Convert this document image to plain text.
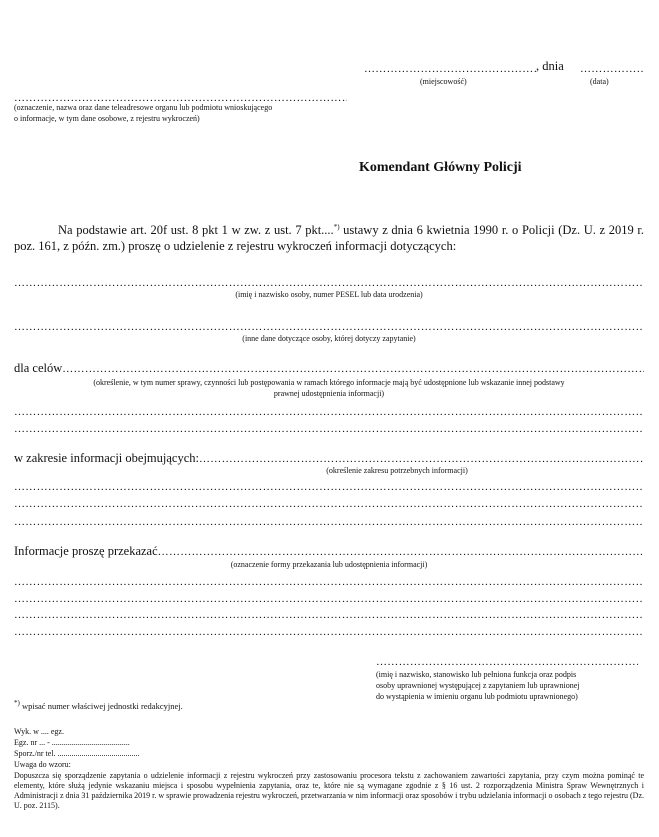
……………………………………………………………………………………………………………………………………………………………………………………………………………………………………………………………………………………………………………………………………………………………………
, dnia
……………………………………………………………………………………………………………………………………………………………………………………………………………………………………………………………………………………………………………………………………………………………………
(miejscowość)	(data)
……………………………………………………………………………………………………………………………………………………………………………………………………………………………………………………………………………………………………………………………………………………………………
(oznaczenie, nazwa oraz dane teleadresowe organu lub podmiotu wnioskującego
o informacje, w tym dane osobowe, z rejestru wykroczeń)
Komendant Główny Policji
Na podstawie art. 20f ust. 8 pkt 1 w zw. z ust. 7 pkt....*) ustawy z dnia 6 kwietnia 1990 r. o Policji (Dz. U. z 2019 r. poz. 161, z późn. zm.) proszę o udzielenie z rejestru wykroczeń informacji dotyczących:
……………………………………………………………………………………………………………………………………………………………………………………………………………………………………………………………………………………………………………………………………………………………………
(imię i nazwisko osoby, numer PESEL lub data urodzenia)
……………………………………………………………………………………………………………………………………………………………………………………………………………………………………………………………………………………………………………………………………………………………………
(inne dane dotyczące osoby, której dotyczy zapytanie)
dla celów
……………………………………………………………………………………………………………………………………………………………………………………………………………………………………………………………………………………………………………………………………………………………………
(określenie, w tym numer sprawy, czynności lub postępowania w ramach którego informacje mają być udostępnione lub wskazanie innej podstawy
prawnej udostępnienia informacji)
……………………………………………………………………………………………………………………………………………………………………………………………………………………………………………………………………………………………………………………………………………………………………
……………………………………………………………………………………………………………………………………………………………………………………………………………………………………………………………………………………………………………………………………………………………………
w zakresie informacji obejmujących:
……………………………………………………………………………………………………………………………………………………………………………………………………………………………………………………………………………………………………………………………………………………………………
(określenie zakresu potrzebnych informacji)
……………………………………………………………………………………………………………………………………………………………………………………………………………………………………………………………………………………………………………………………………………………………………
……………………………………………………………………………………………………………………………………………………………………………………………………………………………………………………………………………………………………………………………………………………………………
……………………………………………………………………………………………………………………………………………………………………………………………………………………………………………………………………………………………………………………………………………………………………
Informacje proszę przekazać
……………………………………………………………………………………………………………………………………………………………………………………………………………………………………………………………………………………………………………………………………………………………………
(oznaczenie formy przekazania lub udostępnienia informacji)
……………………………………………………………………………………………………………………………………………………………………………………………………………………………………………………………………………………………………………………………………………………………………
……………………………………………………………………………………………………………………………………………………………………………………………………………………………………………………………………………………………………………………………………………………………………
……………………………………………………………………………………………………………………………………………………………………………………………………………………………………………………………………………………………………………………………………………………………………
……………………………………………………………………………………………………………………………………………………………………………………………………………………………………………………………………………………………………………………………………………………………………
……………………………………………………………………………………………………………………………………………………………………………………………………………………………………………………………………………………………………………………………………………………………………
(imię i nazwisko, stanowisko lub pełniona funkcja oraz podpis
osoby uprawnionej występującej z zapytaniem lub uprawnionej
do wystąpienia w imieniu organu lub podmiotu uprawnionego)
*) wpisać numer właściwej jednostki redakcyjnej.
Wyk. w .... egz.
Egz. nr ... - .......................................
Sporz./nr tel. .........................................
Uwaga do wzoru:
Dopuszcza się sporządzenie zapytania o udzielenie informacji z rejestru wykroczeń przy zastosowaniu procesora tekstu z zachowaniem zawartości zapytania, przy czym można pominąć te elementy, które służą jedynie wskazaniu miejsca i sposobu wypełnienia zapytania, oraz te, które nie są wymagane zgodnie z § 16 ust. 2 rozporządzenia Ministra Spraw Wewnętrznych i Administracji z dnia 31 października 2019 r. w sprawie prowadzenia rejestru wykroczeń, przetwarzania w nim informacji oraz sposobów i trybu udzielania informacji o osobach z tego rejestru (Dz. U. poz. 2115).
